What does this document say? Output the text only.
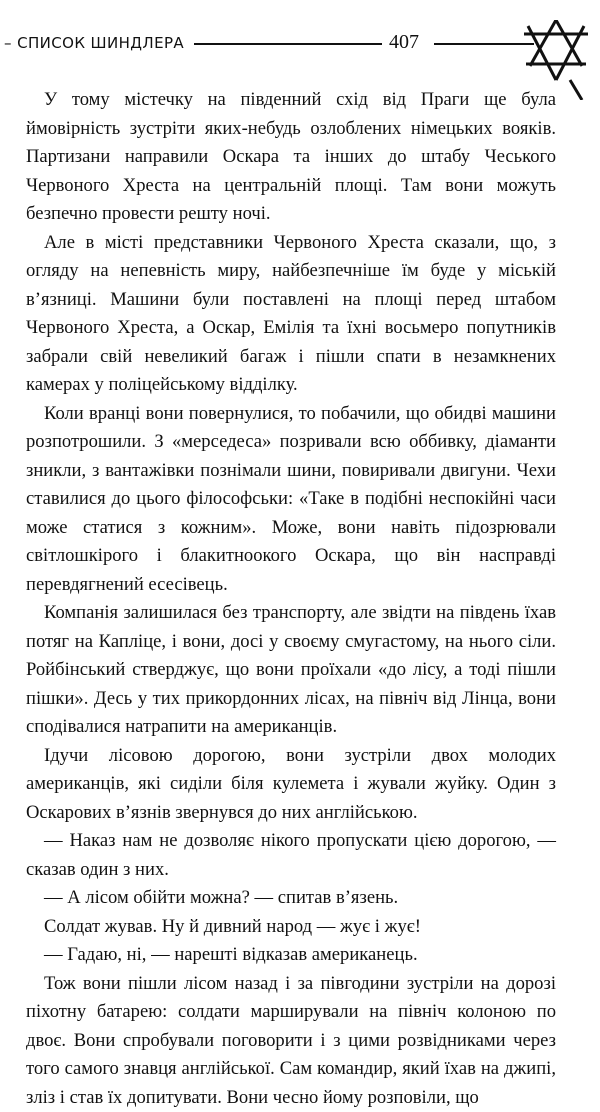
– СПИСОК ШИНДЛЕРА	407

У тому містечку на південний схід від Праги ще була ймовірність зустріти яких-небудь озлоблених німецьких вояків. Партизани направили Оскара та інших до штабу Чеського Червоного Хреста на центральній площі. Там вони можуть безпечно провести решту ночі.

Але в місті представники Червоного Хреста сказали, що, з огляду на непевність миру, найбезпечніше їм буде у міській в’язниці. Машини були поставлені на площі перед штабом Червоного Хреста, а Оскар, Емілія та їхні восьмеро попутників забрали свій невеликий багаж і пішли спати в незамкнених камерах у поліцейському відділку.

Коли вранці вони повернулися, то побачили, що обидві машини розпотрошили. З «мерседеса» позривали всю оббивку, діаманти зникли, з вантажівки познімали шини, повиривали двигуни. Чехи ставилися до цього філософськи: «Таке в подібні неспокійні часи може статися з кожним». Може, вони навіть підозрювали світлошкірого і блакитноокого Оскара, що він насправді перевдягнений есесівець.

Компанія залишилася без транспорту, але звідти на південь їхав потяг на Капліце, і вони, досі у своєму смугастому, на нього сіли. Ройбінський стверджує, що вони проїхали «до лісу, а тоді пішли пішки». Десь у тих прикордонних лісах, на північ від Лінца, вони сподівалися натрапити на американців.

Ідучи лісовою дорогою, вони зустріли двох молодих американців, які сиділи біля кулемета і жували жуйку. Один з Оскарових в’язнів звернувся до них англійською.

— Наказ нам не дозволяє нікого пропускати цією дорогою, — сказав один з них.

— А лісом обійти можна? — спитав в’язень.

Солдат жував. Ну й дивний народ — жує і жує!

— Гадаю, ні, — нарешті відказав американець.

Тож вони пішли лісом назад і за півгодини зустріли на дорозі піхотну батарею: солдати марширували на північ колоною по двоє. Вони спробували поговорити і з цими розвідниками через того самого знавця англійської. Сам командир, який їхав на джипі, зліз і став їх допитувати. Вони чесно йому розповіли, що
